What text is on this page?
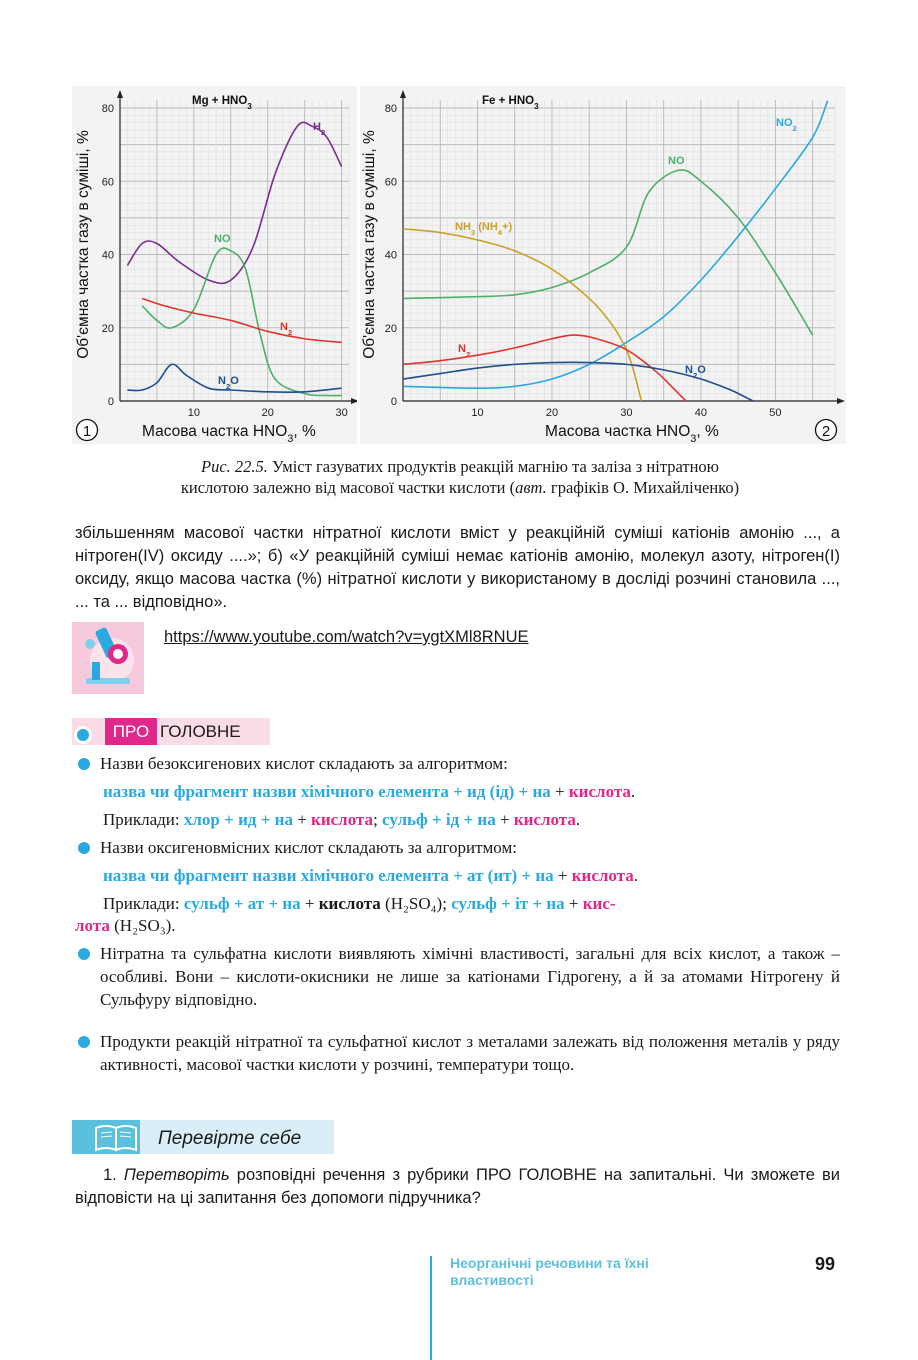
0
20
40
60
80
10	20	30
$Mg + HNO_3$
Об'ємна частка газу в суміші, %
Масова частка $HNO_3$, %
1
$H_2$
NO
$N_2$
$N_2O$
0
20
40
60
80
10	20	30	40	50
$Fe + HNO_3$
Об'ємна частка газу в суміші, %
Масова частка $HNO_3$, %	2
$NO_2$
NO
$NH_3$ $(NH_4+)$
$N_2$
$N_2O$
Рис. 22.5. Уміст газуватих продуктів реакцій магнію та заліза з нітратною
кислотою залежно від масової частки кислоти (авт. графіків О. Михайліченко)
збільшенням масової частки нітратної кислоти вміст у реакційній суміші катіонів амонію ..., а нітроген(IV) оксиду ....»; б) «У реакційній суміші немає катіонів амонію, молекул азоту, нітроген(I) оксиду, якщо масова частка (%) нітратної кислоти у використаному в досліді розчині становила ..., ... та ... відповідно».
https://www.youtube.com/watch?v=ygtXMl8RNUE
ПРО ГОЛОВНЕ
Назви безоксигенових кислот складають за алгоритмом:
назва чи фрагмент назви хімічного елемента + ид (ід) + на + кислота.
Приклади: хлор + ид + на + кислота; сульф + ід + на + кислота.
Назви оксигеновмісних кислот складають за алгоритмом:
назва чи фрагмент назви хімічного елемента + ат (ит) + на + кислота.
Приклади: сульф + ат + на + кислота (H₂SO₄); сульф + іт + на + кис-
лота (H₂SO₃).
Нітратна та сульфатна кислоти виявляють хімічні властивості, загальні для всіх кислот, а також – особливі. Вони – кислоти-окисники не лише за катіонами Гідрогену, а й за атомами Нітрогену й Сульфуру відповідно.
Продукти реакцій нітратної та сульфатної кислот з металами залежать від положення металів у ряду активності, масової частки кислоти у розчині, температури тощо.
Перевірте себе
1. Перетворіть розповідні речення з рубрики ПРО ГОЛОВНЕ на запитальні. Чи зможете ви відповісти на ці запитання без допомоги підручника?
Неорганічні речовини та їхні властивості
99
